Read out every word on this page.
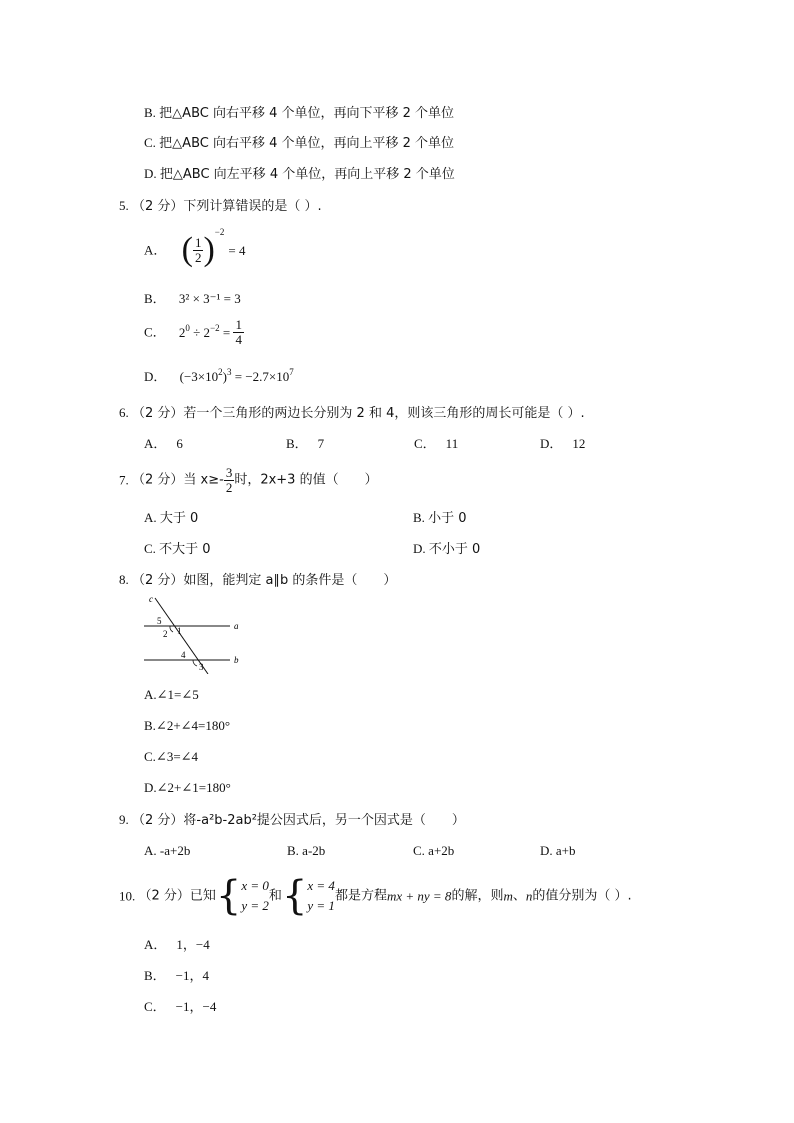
B. 把△ABC 向右平移 4 个单位，再向下平移 2 个单位
C. 把△ABC 向右平移 4 个单位，再向上平移 2 个单位
D. 把△ABC 向左平移 4 个单位，再向上平移 2 个单位
5. （2 分）下列计算错误的是（ ）.
A． ( $\frac{1}{2} )^{-2}= 4$
B． 3² × 3⁻¹ = 3
C． $2^0 \div 2^{-2} = \frac{1}{4}$
D． $(-3\times 10^2)^3 = -2.7\times 10^7$
6. （2 分）若一个三角形的两边长分别为 2 和 4，则该三角形的周长可能是（ ）.
A． 6	B． 7	C． 11	D． 12
7. （2 分）当 $x\ge- \frac{3}{2}$ 时，2x+3 的值（　　）
A. 大于 0	B. 小于 0
C. 不大于 0	D. 不小于 0
8. （2 分）如图，能判定 a∥b 的条件是（　　）
c
a
b
1
2
3
4
5
A.∠1=∠5
B.∠2+∠4=180°
C.∠3=∠4
D.∠2+∠1=180°
9. （2 分）将-a²b-2ab²提公因式后，另一个因式是（　　）
A. -a+2b	B. a-2b	C. a+2b	D. a+b
10. （2 分）已知{x = 0
y = 2和{x = 4
y = 1都是方程mx + ny = 8的解，则m、n的值分别为（ ）.
A． 1，−4
B． −1，4
C． −1，−4
